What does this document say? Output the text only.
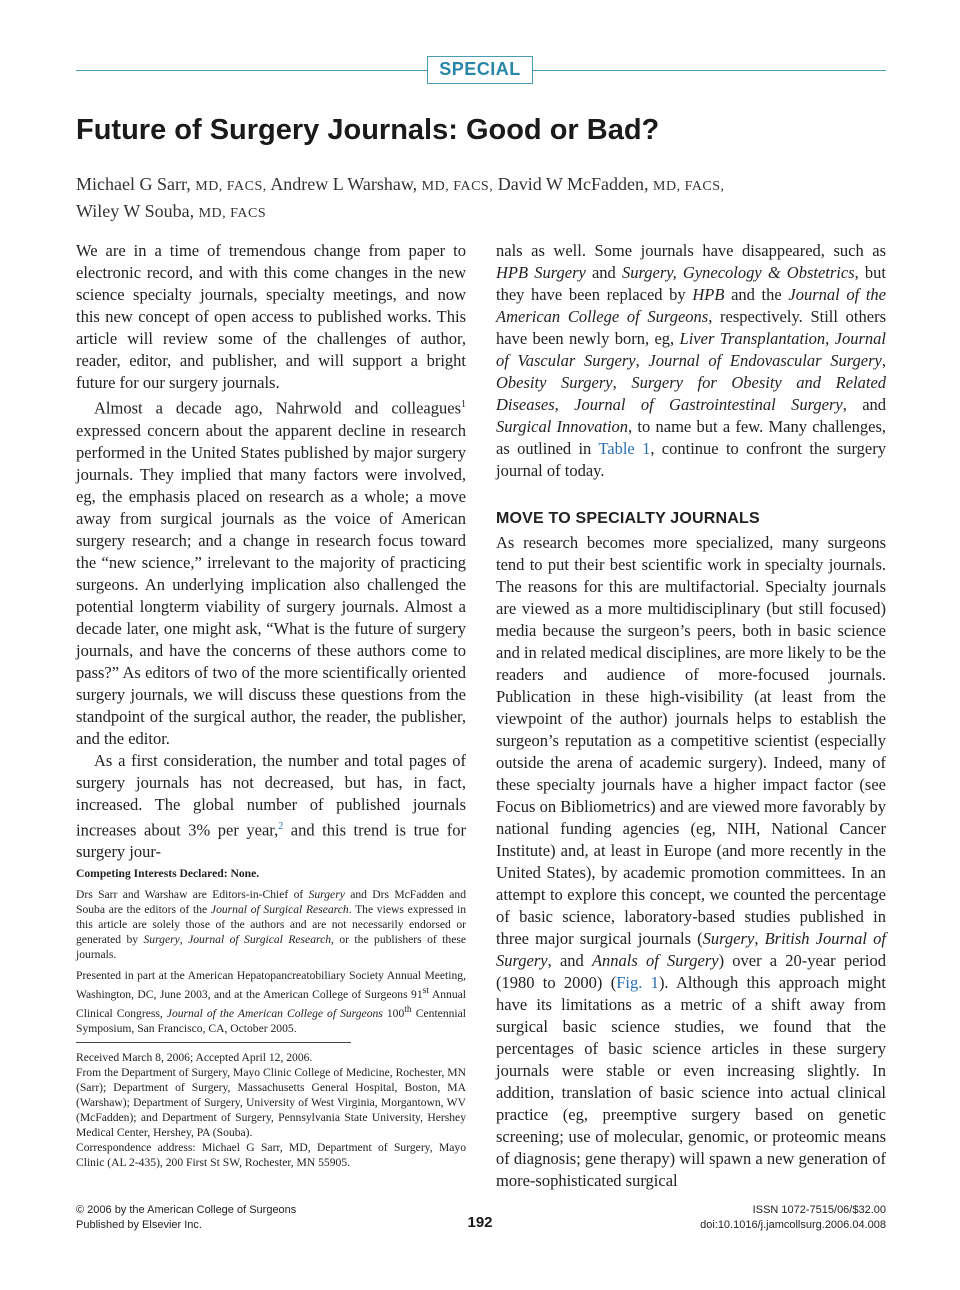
SPECIAL
Future of Surgery Journals: Good or Bad?
Michael G Sarr, MD, FACS, Andrew L Warshaw, MD, FACS, David W McFadden, MD, FACS,
Wiley W Souba, MD, FACS

We are in a time of tremendous change from paper to electronic record, and with this come changes in the new science specialty journals, specialty meetings, and now this new concept of open access to published works. This article will review some of the challenges of author, reader, editor, and publisher, and will support a bright future for our surgery journals.

Almost a decade ago, Nahrwold and colleagues$^1$ expressed concern about the apparent decline in research performed in the United States published by major surgery journals. They implied that many factors were involved, eg, the emphasis placed on research as a whole; a move away from surgical journals as the voice of American surgery research; and a change in research focus toward the “new science,” irrelevant to the majority of practicing surgeons. An underlying implication also challenged the potential longterm viability of surgery journals. Almost a decade later, one might ask, “What is the future of surgery journals, and have the concerns of these authors come to pass?” As editors of two of the more scientifically oriented surgery journals, we will discuss these questions from the standpoint of the surgical author, the reader, the publisher, and the editor.

As a first consideration, the number and total pages of surgery journals has not decreased, but has, in fact, increased. The global number of published journals increases about 3% per year,$^2$ and this trend is true for surgery jour-

Competing Interests Declared: None.

Drs Sarr and Warshaw are Editors-in-Chief of Surgery and Drs McFadden and Souba are the editors of the Journal of Surgical Research. The views expressed in this article are solely those of the authors and are not necessarily endorsed or generated by Surgery, Journal of Surgical Research, or the publishers of these journals.

Presented in part at the American Hepatopancreatobiliary Society Annual Meeting, Washington, DC, June 2003, and at the American College of Surgeons 91st Annual Clinical Congress, Journal of the American College of Surgeons 100th Centennial Symposium, San Francisco, CA, October 2005.

Received March 8, 2006; Accepted April 12, 2006.

From the Department of Surgery, Mayo Clinic College of Medicine, Rochester, MN (Sarr); Department of Surgery, Massachusetts General Hospital, Boston, MA (Warshaw); Department of Surgery, University of West Virginia, Morgantown, WV (McFadden); and Department of Surgery, Pennsylvania State University, Hershey Medical Center, Hershey, PA (Souba).

Correspondence address: Michael G Sarr, MD, Department of Surgery, Mayo Clinic (AL 2-435), 200 First St SW, Rochester, MN 55905.

nals as well. Some journals have disappeared, such as HPB Surgery and Surgery, Gynecology & Obstetrics, but they have been replaced by HPB and the Journal of the American College of Surgeons, respectively. Still others have been newly born, eg, Liver Transplantation, Journal of Vascular Surgery, Journal of Endovascular Surgery, Obesity Surgery, Surgery for Obesity and Related Diseases, Journal of Gastrointestinal Surgery, and Surgical Innovation, to name but a few. Many challenges, as outlined in Table 1, continue to confront the surgery journal of today.

MOVE TO SPECIALTY JOURNALS

As research becomes more specialized, many surgeons tend to put their best scientific work in specialty journals. The reasons for this are multifactorial. Specialty journals are viewed as a more multidisciplinary (but still focused) media because the surgeon’s peers, both in basic science and in related medical disciplines, are more likely to be the readers and audience of more-focused journals. Publication in these high-visibility (at least from the viewpoint of the author) journals helps to establish the surgeon’s reputation as a competitive scientist (especially outside the arena of academic surgery). Indeed, many of these specialty journals have a higher impact factor (see Focus on Bibliometrics) and are viewed more favorably by national funding agencies (eg, NIH, National Cancer Institute) and, at least in Europe (and more recently in the United States), by academic promotion committees. In an attempt to explore this concept, we counted the percentage of basic science, laboratory-based studies published in three major surgical journals (Surgery, British Journal of Surgery, and Annals of Surgery) over a 20-year period (1980 to 2000) (Fig. 1). Although this approach might have its limitations as a metric of a shift away from surgical basic science studies, we found that the percentages of basic science articles in these surgery journals were stable or even increasing slightly. In addition, translation of basic science into actual clinical practice (eg, preemptive surgery based on genetic screening; use of molecular, genomic, or proteomic means of diagnosis; gene therapy) will spawn a new generation of more-sophisticated surgical

© 2006 by the American College of Surgeons
Published by Elsevier Inc.	192
ISSN 1072-7515/06/$32.00
doi:10.1016/j.jamcollsurg.2006.04.008
